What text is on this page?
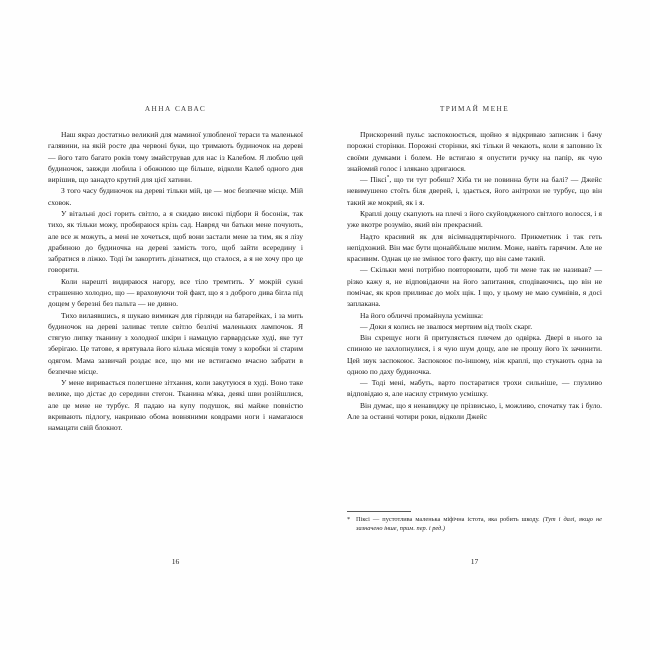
АННА САВАС

Наш якраз достатньо великий для маминої улюбленої тераси та маленької галявини, на якій росте два червоні буки, що тримають будиночок на дереві — його тато багато років тому змайстрував для нас із Калебом. Я люблю цей будиночок, завжди любила і обожнюю ще більше, відколи Калеб одного дня вирішив, що занадто крутий для цієї хатини.

З того часу будиночок на дереві тільки мій, це — моє безпечне місце. Мій сховок.

У вітальні досі горить світло, а я скидаю високі підбори й босоніж, так тихо, як тільки можу, пробираюся крізь сад. Навряд чи батьки мене почують, але все ж можуть, а мені не хочеться, щоб вони застали мене за тим, як я лізу драбиною до будиночка на дереві замість того, щоб зайти всередину і забратися в ліжко. Тоді їм закортить дізнатися, що сталося, а я не хочу про це говорити.

Коли нарешті видираюся нагору, все тіло тремтить. У мокрій сукні страшенно холодно, що — враховуючи той факт, що я з доброго дива бігла під дощем у березні без пальта — не дивно.

Тихо вилаявшись, я шукаю вимикач для гірлянди на батарейках, і за мить будиночок на дереві заливає тепле світло безлічі маленьких лампочок. Я стягую липку тканину з холодної шкіри і намацую гарвардське худі, яке тут зберігаю. Це татове, я врятувала його кілька місяців тому з коробки зі старим одягом. Мама зазвичай роздає все, що ми не встигаємо вчасно забрати в безпечне місце.

У мене виривається полегшене зітхання, коли закутуюся в худі. Воно таке велике, що дістає до середини стегон. Тканина м'яка, деякі шви розійшлися, але це мене не турбує. Я падаю на купу подушок, які майже повністю вкривають підлогу, накриваю обома вовняними ковдрами ноги і намагаюся намацати свій блокнот.

16
ТРИМАЙ МЕНЕ

Прискорений пульс заспокоюється, щойно я відкриваю записник і бачу порожні сторінки. Порожні сторінки, які тільки й чекають, коли я заповню їх своїми думками і болем. Не встигаю я опустити ручку на папір, як чую знайомий голос і злякано здригаюся.

— Піксі*, що ти тут робиш? Хіба ти не повинна бути на балі? — Джейс невимушено стоїть біля дверей, і, здається, його анітрохи не турбує, що він такий же мокрий, як і я.

Краплі дощу скапують на плечі з його скуйовдженого світлого волосся, і я уже вкотре розумію, який він прекрасний.

Надто красивий як для вісімнадцятирічного. Прикметник і так геть непідхожий. Він має бути щонайбільше милим. Може, навіть гарячим. Але не красивим. Однак це не змінює того факту, що він саме такий.

— Скільки мені потрібно повторювати, щоб ти мене так не називав? — різко кажу я, не відповідаючи на його запитання, сподіваючись, що він не помічає, як кров приливає до моїх щік. І що, у цьому не маю сумнівів, я досі заплакана.

На його обличчі промайнула усмішка:

— Доки я колись не звалюся мертвим від твоїх скарг.

Він схрещує ноги й притуляється плечем до одвірка. Двері в нього за спиною не захлопнулися, і я чую шум дощу, але не прошу його їх зачинити. Цей звук заспокоює. Заспокоює по-іншому, ніж краплі, що стукають одна за одною по даху будиночка.

— Тоді мені, мабуть, варто постаратися трохи сильніше, — глузливо відповідаю я, але насилу стримую усмішку.

Він думає, що я ненавиджу це прізвисько, і, можливо, спочатку так і було. Але за останні чотири роки, відколи Джейс

* Піксі — пустотлива маленька міфічна істота, яка робить шкоду. (Тут і далі, якщо не зазначено інше, прим. пер. і ред.)
17
